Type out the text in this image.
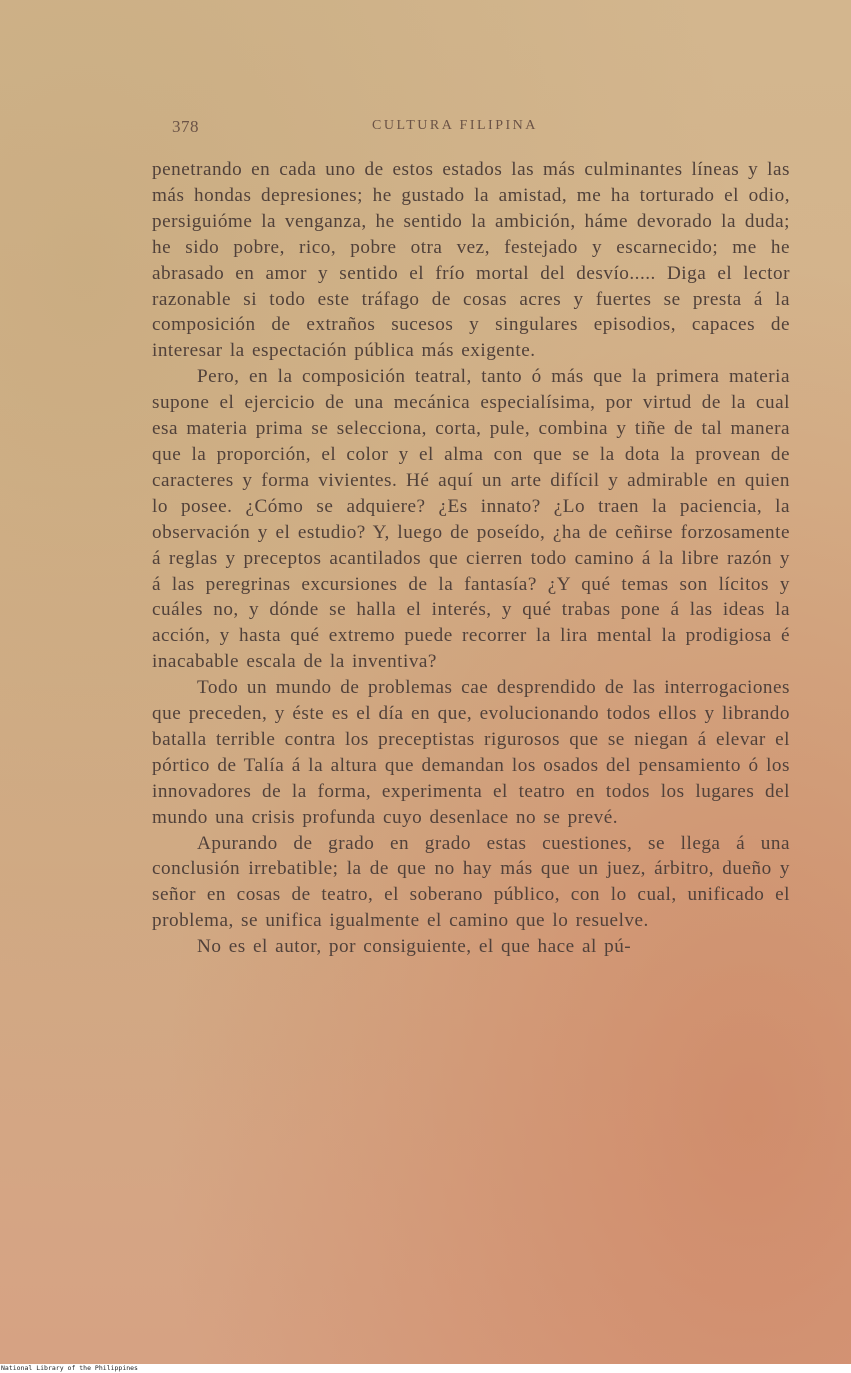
378	CULTURA FILIPINA

penetrando en cada uno de estos estados las más culminantes líneas y las más hondas depresiones; he gustado la amistad, me ha torturado el odio, persiguióme la venganza, he sentido la ambición, háme devorado la duda; he sido pobre, rico, pobre otra vez, festejado y escarnecido; me he abrasado en amor y sentido el frío mortal del desvío..... Diga el lector razonable si todo este tráfago de cosas acres y fuertes se presta á la composición de extraños sucesos y singulares episodios, capaces de interesar la espectación pública más exigente.

Pero, en la composición teatral, tanto ó más que la primera materia supone el ejercicio de una mecánica especialísima, por virtud de la cual esa materia prima se selecciona, corta, pule, combina y tiñe de tal manera que la proporción, el color y el alma con que se la dota la provean de caracteres y forma vivientes. Hé aquí un arte difícil y admirable en quien lo posee. ¿Cómo se adquiere? ¿Es innato? ¿Lo traen la paciencia, la observación y el estudio? Y, luego de poseído, ¿ha de ceñirse forzosamente á reglas y preceptos acantilados que cierren todo camino á la libre razón y á las peregrinas excursiones de la fantasía? ¿Y qué temas son lícitos y cuáles no, y dónde se halla el interés, y qué trabas pone á las ideas la acción, y hasta qué extremo puede recorrer la lira mental la prodigiosa é inacabable escala de la inventiva?

Todo un mundo de problemas cae desprendido de las interrogaciones que preceden, y éste es el día en que, evolucionando todos ellos y librando batalla terrible contra los preceptistas rigurosos que se niegan á elevar el pórtico de Talía á la altura que demandan los osados del pensamiento ó los innovadores de la forma, experimenta el teatro en todos los lugares del mundo una crisis profunda cuyo desenlace no se prevé.

Apurando de grado en grado estas cuestiones, se llega á una conclusión irrebatible; la de que no hay más que un juez, árbitro, dueño y señor en cosas de teatro, el soberano público, con lo cual, unificado el problema, se unifica igualmente el camino que lo resuelve.

No es el autor, por consiguiente, el que hace al pú-

National Library of the Philippines
